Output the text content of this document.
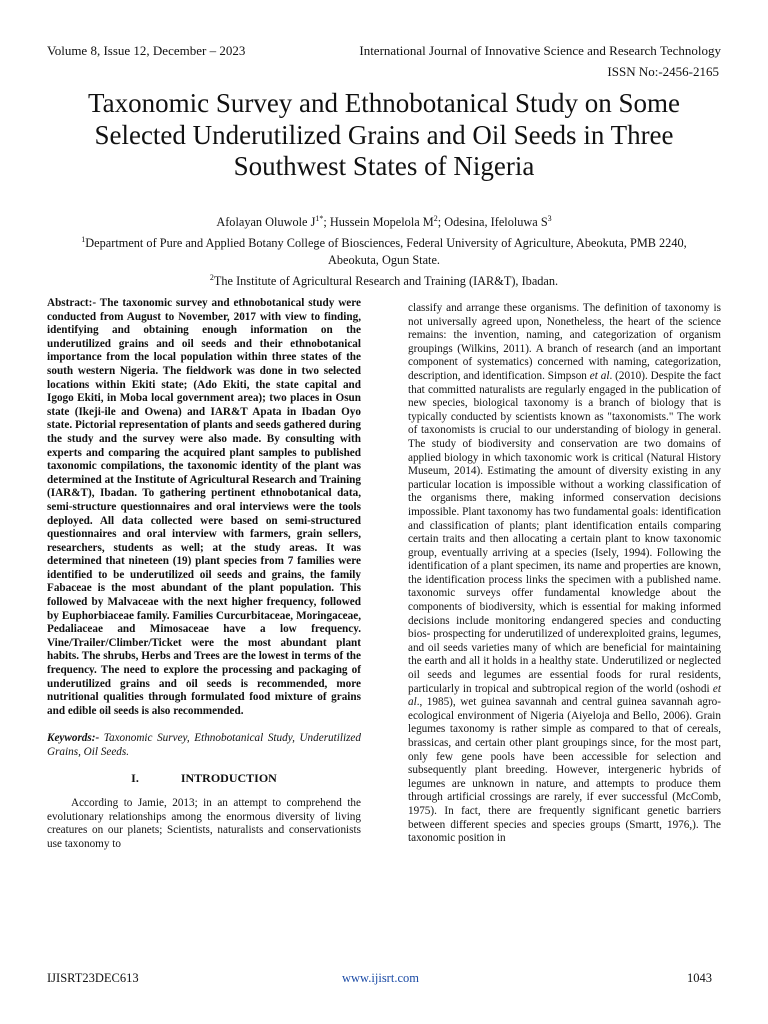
Volume 8, Issue 12, December – 2023	International Journal of Innovative Science and Research Technology
ISSN No:-2456-2165
Taxonomic Survey and Ethnobotanical Study on Some Selected Underutilized Grains and Oil Seeds in Three Southwest States of Nigeria
Afolayan Oluwole $J^{1*}$; Hussein Mopelola $M^2$; Odesina, Ifeloluwa $S^3$
$^1$Department of Pure and Applied Botany College of Biosciences, Federal University of Agriculture, Abeokuta, PMB 2240, Abeokuta, Ogun State.
$^2$The Institute of Agricultural Research and Training (IAR&T), Ibadan.

Abstract:- The taxonomic survey and ethnobotanical study were conducted from August to November, 2017 with view to finding, identifying and obtaining enough information on the underutilized grains and oil seeds and their ethnobotanical importance from the local population within three states of the south western Nigeria. The fieldwork was done in two selected locations within Ekiti state; (Ado Ekiti, the state capital and Igogo Ekiti, in Moba local government area); two places in Osun state (Ikeji-ile and Owena) and IAR&T Apata in Ibadan Oyo state. Pictorial representation of plants and seeds gathered during the study and the survey were also made. By consulting with experts and comparing the acquired plant samples to published taxonomic compilations, the taxonomic identity of the plant was determined at the Institute of Agricultural Research and Training (IAR&T), Ibadan. To gathering pertinent ethnobotanical data, semi-structure questionnaires and oral interviews were the tools deployed. All data collected were based on semi-structured questionnaires and oral interview with farmers, grain sellers, researchers, students as well; at the study areas. It was determined that nineteen (19) plant species from 7 families were identified to be underutilized oil seeds and grains, the family Fabaceae is the most abundant of the plant population. This followed by Malvaceae with the next higher frequency, followed by Euphorbiaceae family. Families Curcurbitaceae, Moringaceae, Pedaliaceae and Mimosaceae have a low frequency. Vine/Trailer/Climber/Ticket were the most abundant plant habits. The shrubs, Herbs and Trees are the lowest in terms of the frequency. The need to explore the processing and packaging of underutilized grains and oil seeds is recommended, more nutritional qualities through formulated food mixture of grains and edible oil seeds is also recommended.

Keywords:- Taxonomic Survey, Ethnobotanical Study, Underutilized Grains, Oil Seeds.

I.	INTRODUCTION

According to Jamie, 2013; in an attempt to comprehend the evolutionary relationships among the enormous diversity of living creatures on our planets; Scientists, naturalists and conservationists use taxonomy to

classify and arrange these organisms. The definition of taxonomy is not universally agreed upon, Nonetheless, the heart of the science remains: the invention, naming, and categorization of organism groupings (Wilkins, 2011). A branch of research (and an important component of systematics) concerned with naming, categorization, description, and identification. Simpson et al. (2010). Despite the fact that committed naturalists are regularly engaged in the publication of new species, biological taxonomy is a branch of biology that is typically conducted by scientists known as "taxonomists." The work of taxonomists is crucial to our understanding of biology in general. The study of biodiversity and conservation are two domains of applied biology in which taxonomic work is critical (Natural History Museum, 2014). Estimating the amount of diversity existing in any particular location is impossible without a working classification of the organisms there, making informed conservation decisions impossible. Plant taxonomy has two fundamental goals: identification and classification of plants; plant identification entails comparing certain traits and then allocating a certain plant to know taxonomic group, eventually arriving at a species (Isely, 1994). Following the identification of a plant specimen, its name and properties are known, the identification process links the specimen with a published name. taxonomic surveys offer fundamental knowledge about the components of biodiversity, which is essential for making informed decisions include monitoring endangered species and conducting bios- prospecting for underutilized of underexploited grains, legumes, and oil seeds varieties many of which are beneficial for maintaining the earth and all it holds in a healthy state. Underutilized or neglected oil seeds and legumes are essential foods for rural residents, particularly in tropical and subtropical region of the world (oshodi et al., 1985), wet guinea savannah and central guinea savannah agro-ecological environment of Nigeria (Aiyeloja and Bello, 2006). Grain legumes taxonomy is rather simple as compared to that of cereals, brassicas, and certain other plant groupings since, for the most part, only few gene pools have been accessible for selection and subsequently plant breeding. However, intergeneric hybrids of legumes are unknown in nature, and attempts to produce them through artificial crossings are rarely, if ever successful (McComb, 1975). In fact, there are frequently significant genetic barriers between different species and species groups (Smartt, 1976,). The taxonomic position in

IJISRT23DEC613	www.ijisrt.com	1043
